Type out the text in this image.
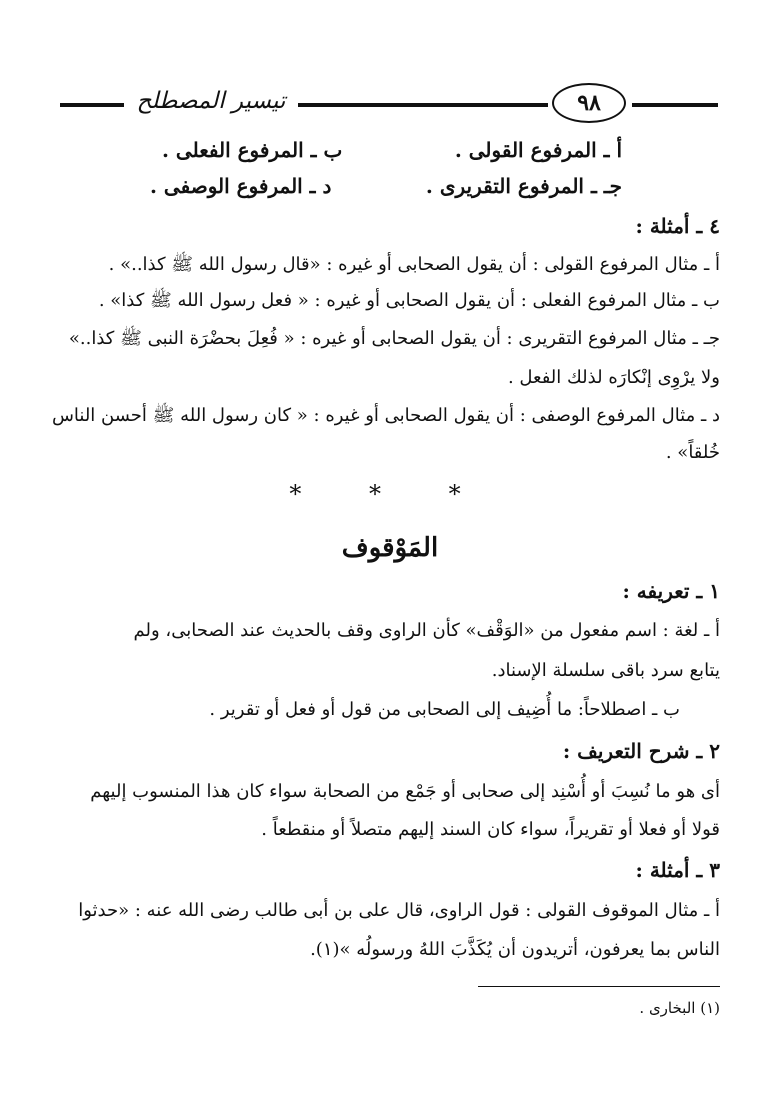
٩٨
تيسير المصطلح
أ ـ المرفوع القولى .
ب ـ المرفوع الفعلى .
جـ ـ المرفوع التقريرى .
د ـ المرفوع الوصفى .
٤ ـ أمثلة :
أ ـ مثال المرفوع القولى : أن يقول الصحابى أو غيره : «قال رسول الله ﷺ كذا..» .
ب ـ مثال المرفوع الفعلى : أن يقول الصحابى أو غيره : « فعل رسول الله ﷺ كذا» .
جـ ـ مثال المرفوع التقريرى : أن يقول الصحابى أو غيره : « فُعِلَ بحضْرَة النبى ﷺ كذا..»
ولا يرْوِى إنْكارَه لذلك الفعل .
د ـ مثال المرفوع الوصفى : أن يقول الصحابى أو غيره : « كان رسول الله ﷺ أحسن الناس
خُلقاً» .
* * *
المَوْقوف
١ ـ تعريفه :
أ ـ لغة : اسم مفعول من «الوَقْف» كأن الراوى وقف بالحديث عند الصحابى، ولم
يتابع سرد باقى سلسلة الإسناد.
ب ـ اصطلاحاً: ما أُضِيف إلى الصحابى من قول أو فعل أو تقرير .
٢ ـ شرح التعريف :
أى هو ما نُسِبَ أو أُسْنِد إلى صحابى أو جَمْع من الصحابة سواء كان هذا المنسوب إليهم
قولا أو فعلا أو تقريراً، سواء كان السند إليهم متصلاً أو منقطعاً .
٣ ـ أمثلة :
أ ـ مثال الموقوف القولى : قول الراوى، قال على بن أبى طالب رضى الله عنه : «حدثوا
الناس بما يعرفون، أتريدون أن يُكَذَّبَ اللهُ ورسولُه »(١).
(١) البخارى .
